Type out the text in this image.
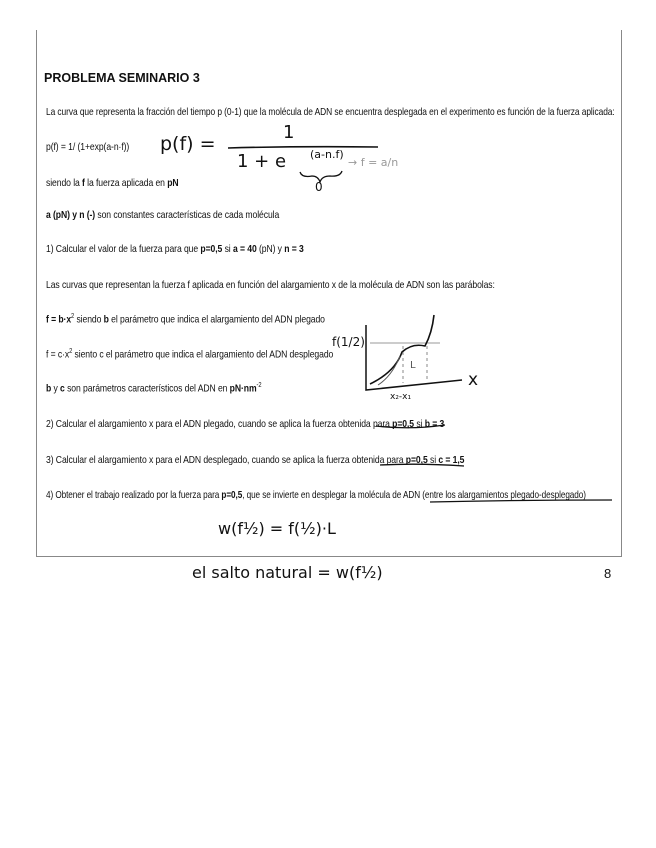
PROBLEMA SEMINARIO 3
La curva que representa la fracción del tiempo p (0-1) que la molécula de ADN se encuentra desplegada en el experimento es función de la fuerza aplicada:
p(f) = 1/ (1+exp(a-n·f))
siendo la f la fuerza aplicada en pN
a (pN) y n (-) son constantes características de cada molécula
1) Calcular el valor de la fuerza para que p=0,5 si a = 40 (pN) y n = 3
Las curvas que representan la fuerza f aplicada en función del alargamiento x de la molécula de ADN son las parábolas:
$f = b\cdot x^2$ siendo b el parámetro que indica el alargamiento del ADN plegado
$f = c\cdot x^2$ siento c el parámetro que indica el alargamiento del ADN desplegado
b y c son parámetros característicos del ADN en $pN\cdot nm^{-2}$
2) Calcular el alargamiento x para el ADN plegado, cuando se aplica la fuerza obtenida para p=0,5 si b = 3
3) Calcular el alargamiento x para el ADN desplegado, cuando se aplica la fuerza obtenida para p=0,5 si c = 1,5
4) Obtener el trabajo realizado por la fuerza para p=0,5, que se invierte en desplegar la molécula de ADN (entre los alargamientos plegado-desplegado)
p(f) =
1
1 + e (a-n.f)
0
→ f = a/n
f(1/2)
L
x
x₂-x₁
w(f½) = f(½)·L
el salto natural = w(f½)	8
